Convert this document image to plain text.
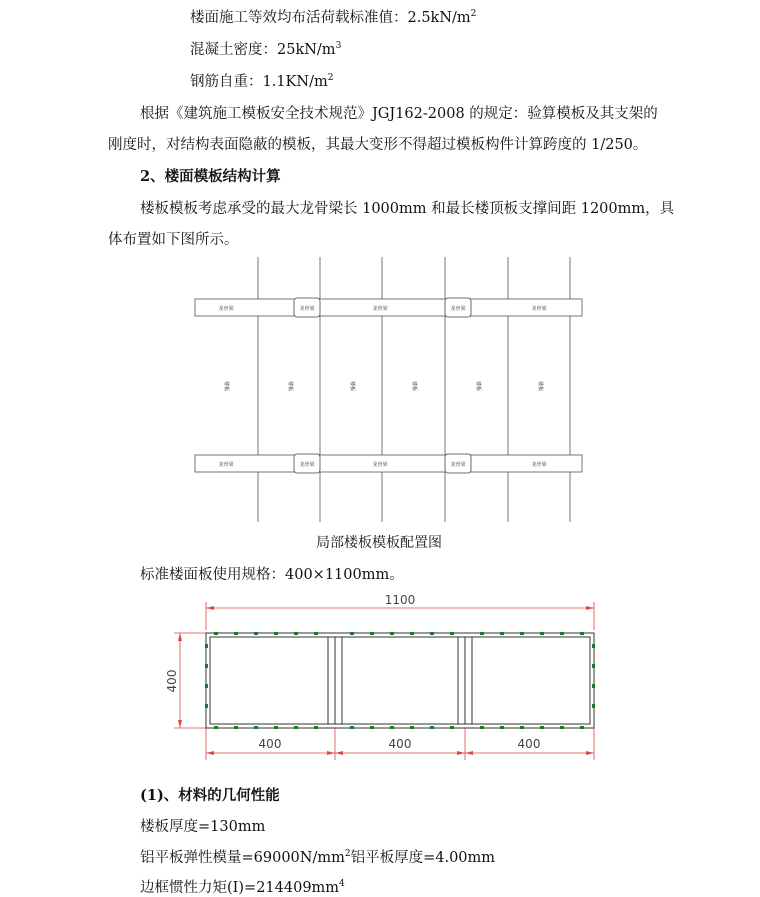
楼面施工等效均布活荷载标准值：$2.5kN/m^2$
混凝土密度：$25kN/m^3$
钢筋自重：$1.1KN/m^2$
根据《建筑施工模板安全技术规范》JGJ162-2008 的规定：验算模板及其支架的
刚度时，对结构表面隐蔽的模板，其最大变形不得超过模板构件计算跨度的 1/250。
2、楼面模板结构计算
楼板模板考虑承受的最大龙骨梁长 1000mm 和最长楼顶板支撑间距 1200mm，具
体布置如下图所示。
龙骨梁	龙骨梁	龙骨梁	龙骨梁	龙骨梁
龙骨梁	龙骨梁	龙骨梁	龙骨梁	龙骨梁
楼板	楼板	楼板	楼板	楼板	楼板
局部楼板模板配置图
标准楼面板使用规格：400×1100mm。
1100
400
400	400	400
(1)、材料的几何性能
楼板厚度=130mm
铝平板弹性模量$=69000N/mm^2$铝平板厚度=4.00mm
边框惯性力矩$(I)=214409mm^4$
